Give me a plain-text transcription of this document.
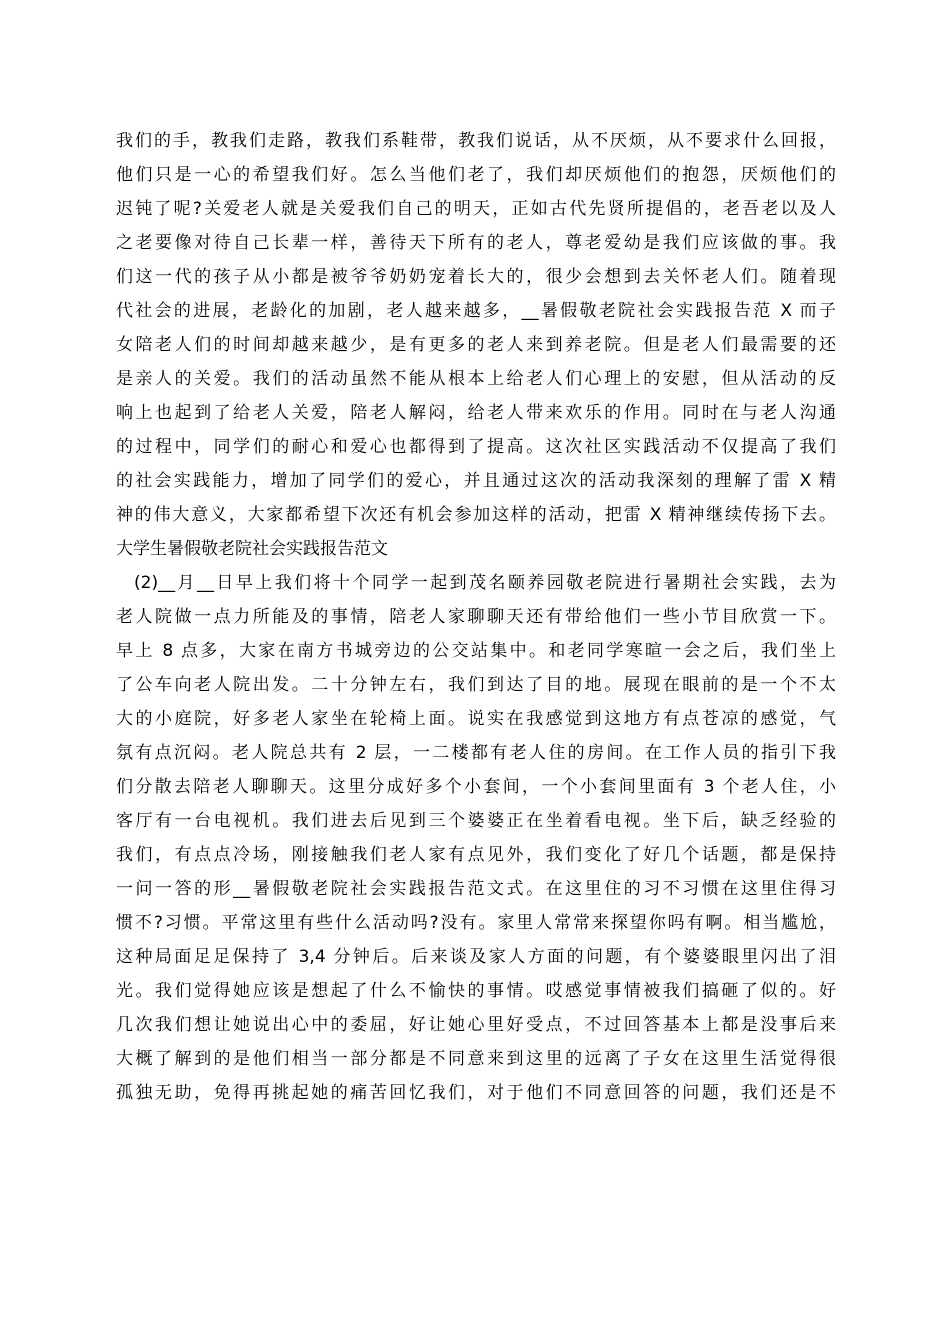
我们的手，教我们走路，教我们系鞋带，教我们说话，从不厌烦，从不要求什么回报，
他们只是一心的希望我们好。怎么当他们老了，我们却厌烦他们的抱怨，厌烦他们的
迟钝了呢?关爱老人就是关爱我们自己的明天，正如古代先贤所提倡的，老吾老以及人
之老要像对待自己长辈一样，善待天下所有的老人，尊老爱幼是我们应该做的事。我
们这一代的孩子从小都是被爷爷奶奶宠着长大的，很少会想到去关怀老人们。随着现
代社会的进展，老龄化的加剧，老人越来越多，__暑假敬老院社会实践报告范 X 而子
女陪老人们的时间却越来越少，是有更多的老人来到养老院。但是老人们最需要的还
是亲人的关爱。我们的活动虽然不能从根本上给老人们心理上的安慰，但从活动的反
响上也起到了给老人关爱，陪老人解闷，给老人带来欢乐的作用。同时在与老人沟通
的过程中，同学们的耐心和爱心也都得到了提高。这次社区实践活动不仅提高了我们
的社会实践能力，增加了同学们的爱心，并且通过这次的活动我深刻的理解了雷 X 精
神的伟大意义，大家都希望下次还有机会参加这样的活动，把雷 X 精神继续传扬下去。
大学生暑假敬老院社会实践报告范文
(2)__月__日早上我们将十个同学一起到茂名颐养园敬老院进行暑期社会实践，去为
老人院做一点力所能及的事情，陪老人家聊聊天还有带给他们一些小节目欣赏一下。
早上 8 点多，大家在南方书城旁边的公交站集中。和老同学寒暄一会之后，我们坐上
了公车向老人院出发。二十分钟左右，我们到达了目的地。展现在眼前的是一个不太
大的小庭院，好多老人家坐在轮椅上面。说实在我感觉到这地方有点苍凉的感觉，气
氛有点沉闷。老人院总共有 2 层，一二楼都有老人住的房间。在工作人员的指引下我
们分散去陪老人聊聊天。这里分成好多个小套间，一个小套间里面有 3 个老人住，小
客厅有一台电视机。我们进去后见到三个婆婆正在坐着看电视。坐下后，缺乏经验的
我们，有点点冷场，刚接触我们老人家有点见外，我们变化了好几个话题，都是保持
一问一答的形__暑假敬老院社会实践报告范文式。在这里住的习不习惯在这里住得习
惯不?习惯。平常这里有些什么活动吗?没有。家里人常常来探望你吗有啊。相当尴尬，
这种局面足足保持了 3,4 分钟后。后来谈及家人方面的问题，有个婆婆眼里闪出了泪
光。我们觉得她应该是想起了什么不愉快的事情。哎感觉事情被我们搞砸了似的。好
几次我们想让她说出心中的委屈，好让她心里好受点，不过回答基本上都是没事后来
大概了解到的是他们相当一部分都是不同意来到这里的远离了子女在这里生活觉得很
孤独无助，免得再挑起她的痛苦回忆我们，对于他们不同意回答的问题，我们还是不
